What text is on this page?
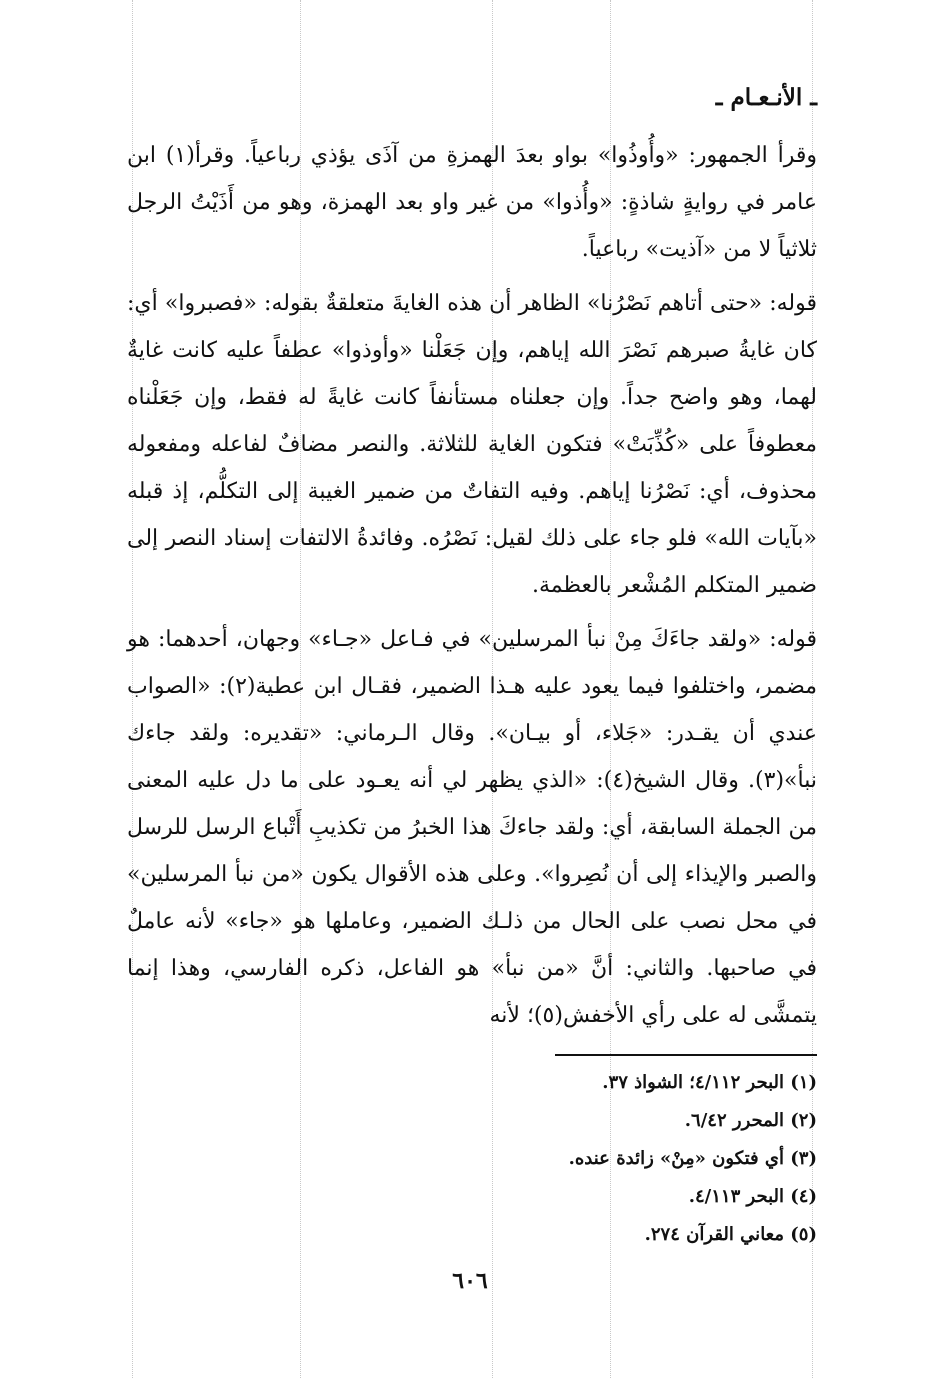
ـ الأنـعـام ـ

وقرأ الجمهور: «وأُوذُوا» بواو بعدَ الهمزةِ من آذَى يؤذي رباعياً. وقرأ(١) ابن عامر في روايةٍ شاذةٍ: «وأُذوا» من غير واو بعد الهمزة، وهو من أَذَيْتُ الرجل ثلاثياً لا من «آذيت» رباعياً.

قوله: «حتى أتاهم نَصْرُنا» الظاهر أن هذه الغايةَ متعلقةٌ بقوله: «فصبروا» أي: كان غايةُ صبرهم نَصْرَ الله إياهم، وإن جَعَلْنا «وأوذوا» عطفاً عليه كانت غايةٌ لهما، وهو واضح جداً. وإن جعلناه مستأنفاً كانت غايةً له فقط، وإن جَعَلْناه معطوفاً على «كُذِّبَتْ» فتكون الغاية للثلاثة. والنصر مضافٌ لفاعله ومفعوله محذوف، أي: نَصْرُنا إياهم. وفيه التفاتٌ من ضمير الغيبة إلى التكلُّم، إذ قبله «بآيات الله» فلو جاء على ذلك لقيل: نَصْرُه. وفائدةُ الالتفات إسناد النصر إلى ضمير المتكلم المُشْعر بالعظمة.

قوله: «ولقد جاءَكَ مِنْ نبأ المرسلين» في فـاعل «جـاء» وجهان، أحدهما: هو مضمر، واختلفوا فيما يعود عليه هـذا الضمير، فقـال ابن عطية(٢): «الصواب عندي أن يقـدر: «جَلاء، أو بيـان». وقال الـرماني: «تقديره: ولقد جاءك نبأ»(٣). وقال الشيخ(٤): «الذي يظهر لي أنه يعـود على ما دل عليه المعنى من الجملة السابقة، أي: ولقد جاءكَ هذا الخبرُ من تكذيبِ أَتْباع الرسل للرسل والصبر والإيذاء إلى أن نُصِروا». وعلى هذه الأقوال يكون «من نبأ المرسلين» في محل نصب على الحال من ذلـك الضمير، وعاملها هو «جاء» لأنه عاملٌ في صاحبها. والثاني: أنَّ «من نبأ» هو الفاعل، ذكره الفارسي، وهذا إنما يتمشَّى له على رأي الأخفش(٥)؛ لأنه

(١) البحر ٤/١١٢؛ الشواذ ٣٧.
(٢) المحرر ٦/٤٢.
(٣) أي فتكون «مِنْ» زائدة عنده.
(٤) البحر ٤/١١٣.
(٥) معاني القرآن ٢٧٤.
٦٠٦
